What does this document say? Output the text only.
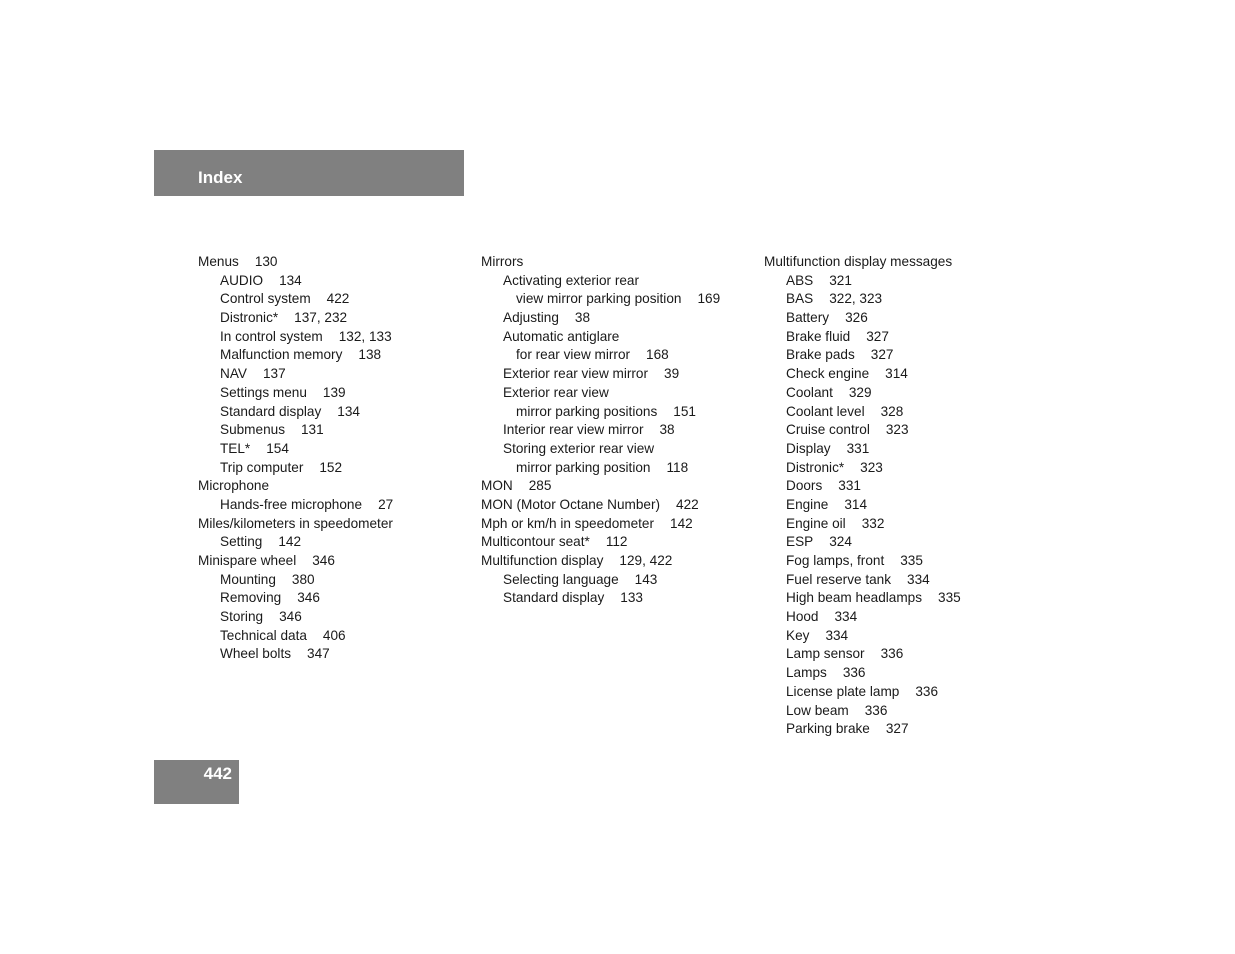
Index
Menus 130
AUDIO 134
Control system 422
Distronic* 137, 232
In control system 132, 133
Malfunction memory 138
NAV 137
Settings menu 139
Standard display 134
Submenus 131
TEL* 154
Trip computer 152
Microphone
Hands-free microphone 27
Miles/kilometers in speedometer
Setting 142
Minispare wheel 346
Mounting 380
Removing 346
Storing 346
Technical data 406
Wheel bolts 347
Mirrors
Activating exterior rear
view mirror parking position 169
Adjusting 38
Automatic antiglare
for rear view mirror 168
Exterior rear view mirror 39
Exterior rear view
mirror parking positions 151
Interior rear view mirror 38
Storing exterior rear view
mirror parking position 118
MON 285
MON (Motor Octane Number) 422
Mph or km/h in speedometer 142
Multicontour seat* 112
Multifunction display 129, 422
Selecting language 143
Standard display 133
Multifunction display messages
ABS 321
BAS 322, 323
Battery 326
Brake fluid 327
Brake pads 327
Check engine 314
Coolant 329
Coolant level 328
Cruise control 323
Display 331
Distronic* 323
Doors 331
Engine 314
Engine oil 332
ESP 324
Fog lamps, front 335
Fuel reserve tank 334
High beam headlamps 335
Hood 334
Key 334
Lamp sensor 336
Lamps 336
License plate lamp 336
Low beam 336
Parking brake 327
442
